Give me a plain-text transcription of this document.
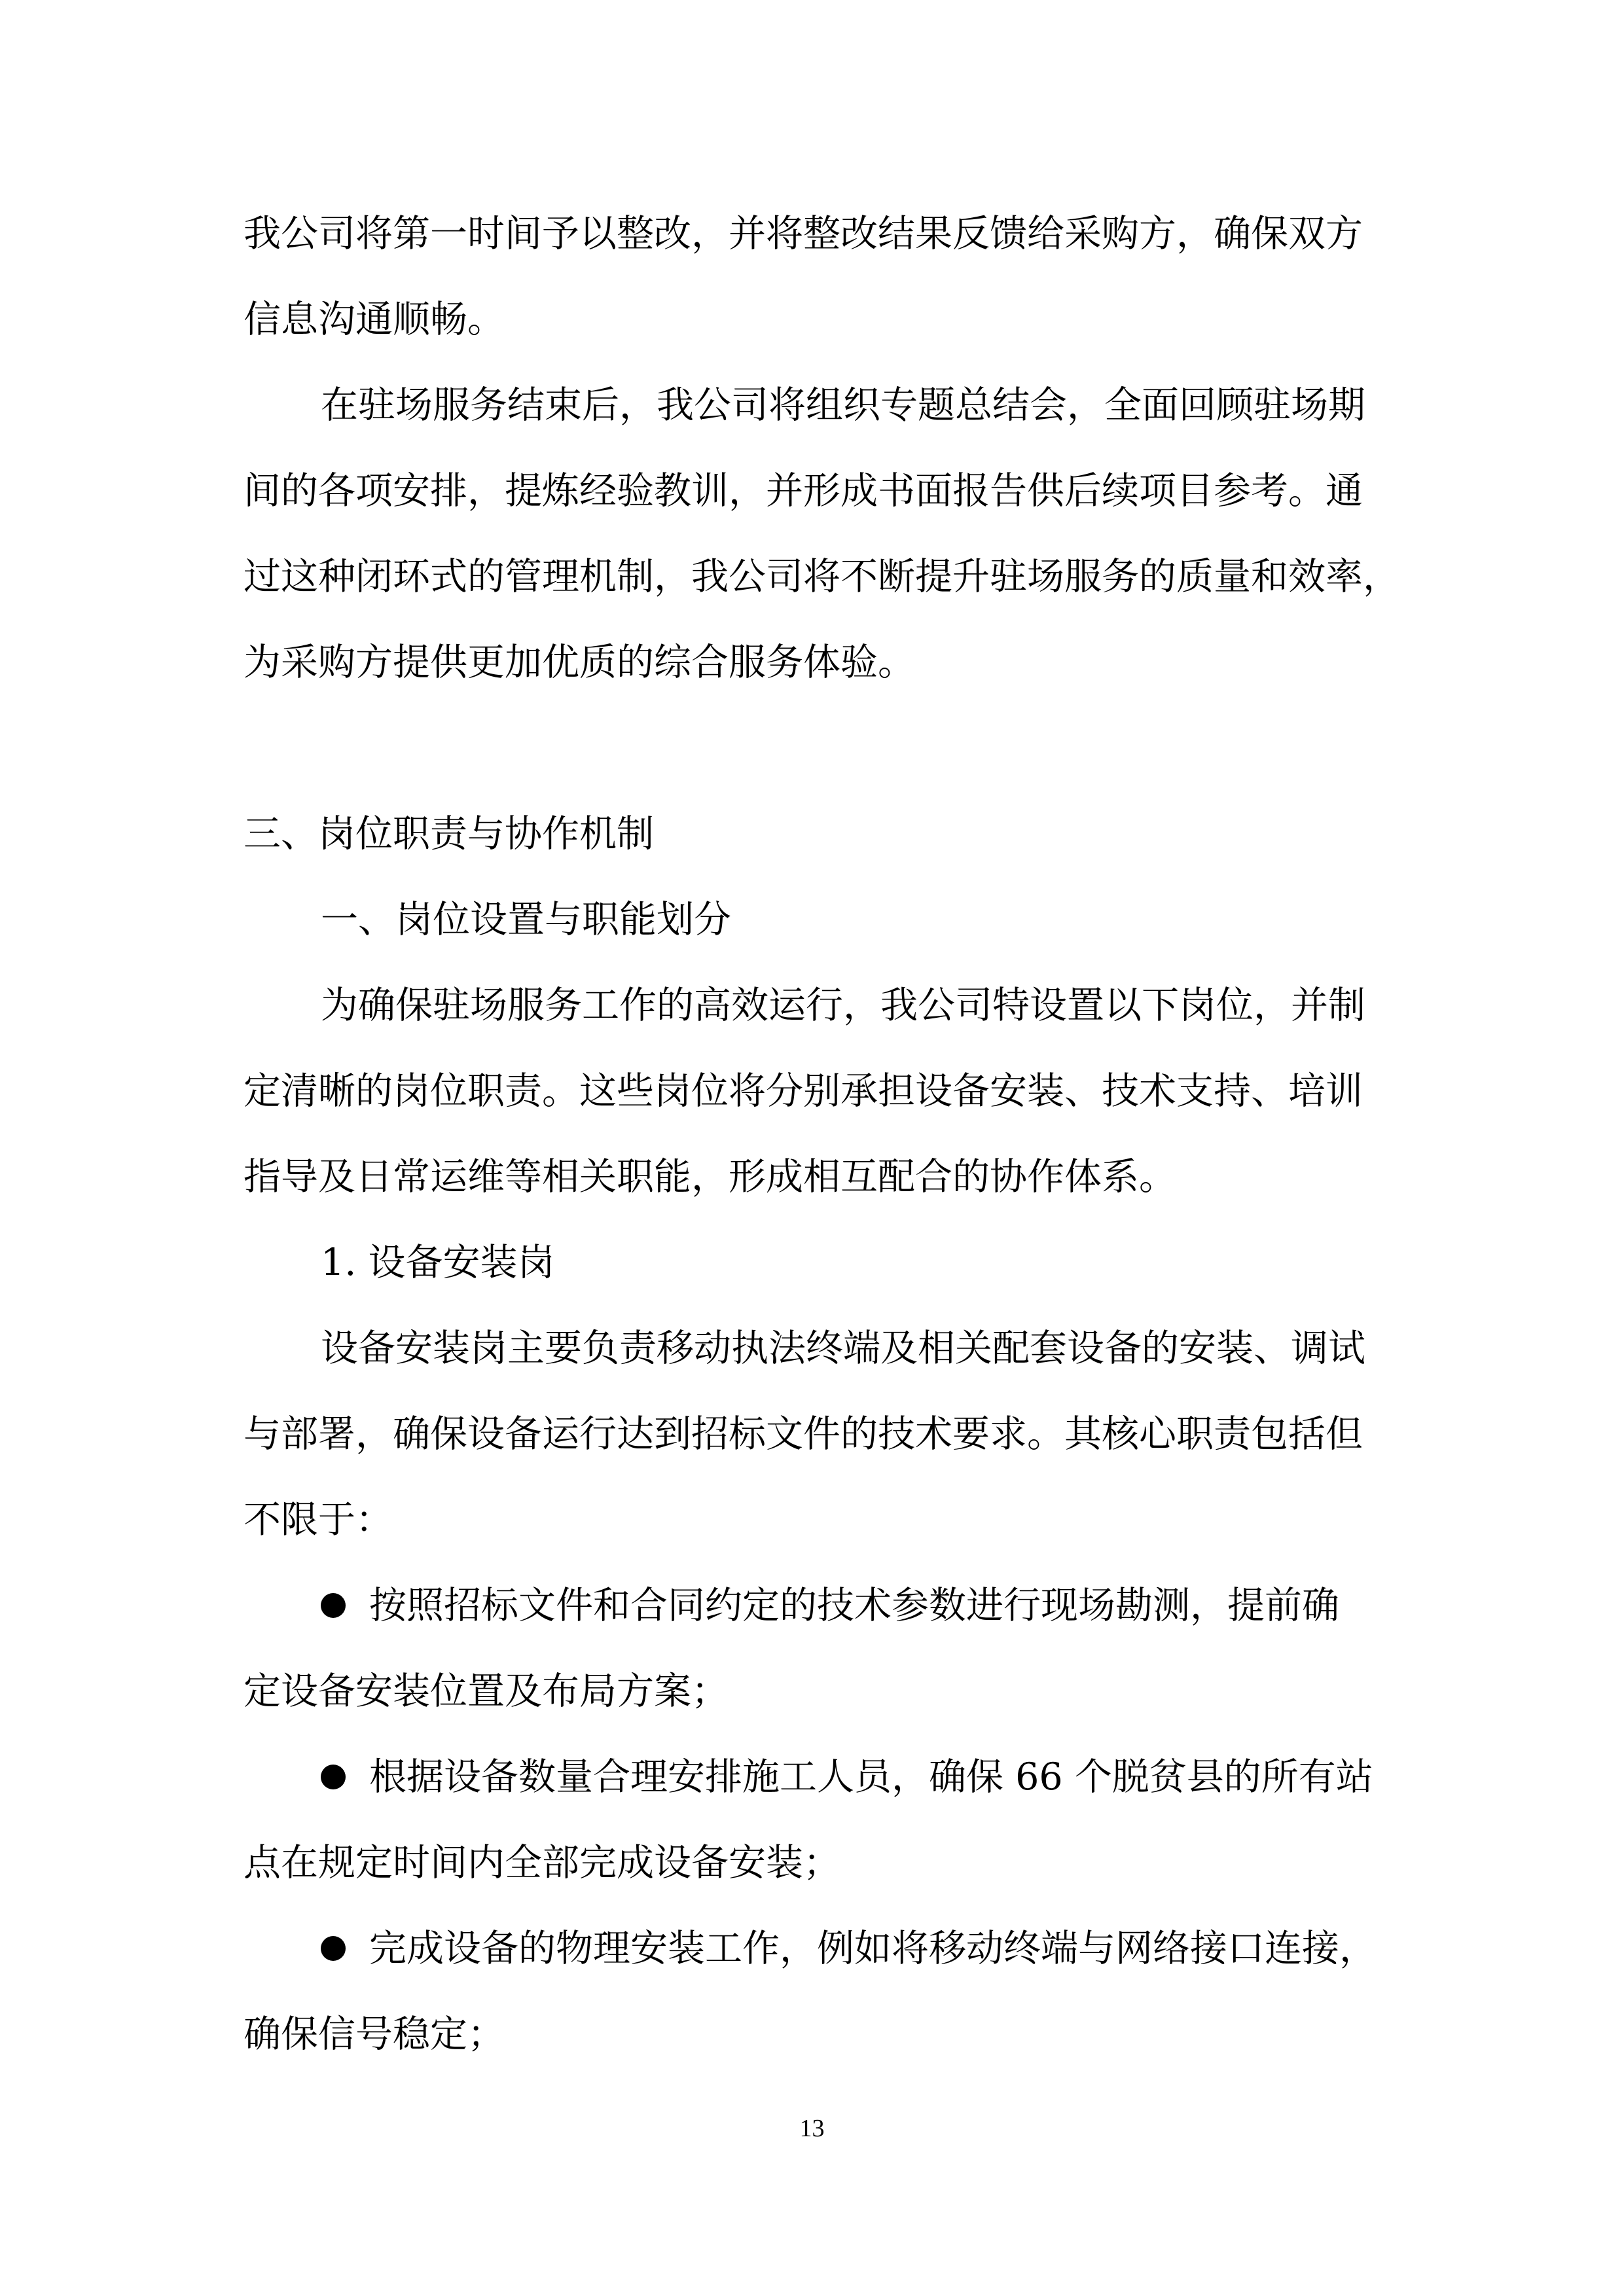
我公司将第一时间予以整改，并将整改结果反馈给采购方，确保双方
信息沟通顺畅。
在驻场服务结束后，我公司将组织专题总结会，全面回顾驻场期
间的各项安排，提炼经验教训，并形成书面报告供后续项目参考。通
过这种闭环式的管理机制，我公司将不断提升驻场服务的质量和效率，
为采购方提供更加优质的综合服务体验。
三、岗位职责与协作机制
一、岗位设置与职能划分
为确保驻场服务工作的高效运行，我公司特设置以下岗位，并制
定清晰的岗位职责。这些岗位将分别承担设备安装、技术支持、培训
指导及日常运维等相关职能，形成相互配合的协作体系。
1. 设备安装岗
设备安装岗主要负责移动执法终端及相关配套设备的安装、调试
与部署，确保设备运行达到招标文件的技术要求。其核心职责包括但
不限于：
按照招标文件和合同约定的技术参数进行现场勘测，提前确
定设备安装位置及布局方案；
根据设备数量合理安排施工人员，确保 66 个脱贫县的所有站
点在规定时间内全部完成设备安装；
完成设备的物理安装工作，例如将移动终端与网络接口连接，
确保信号稳定；
13
